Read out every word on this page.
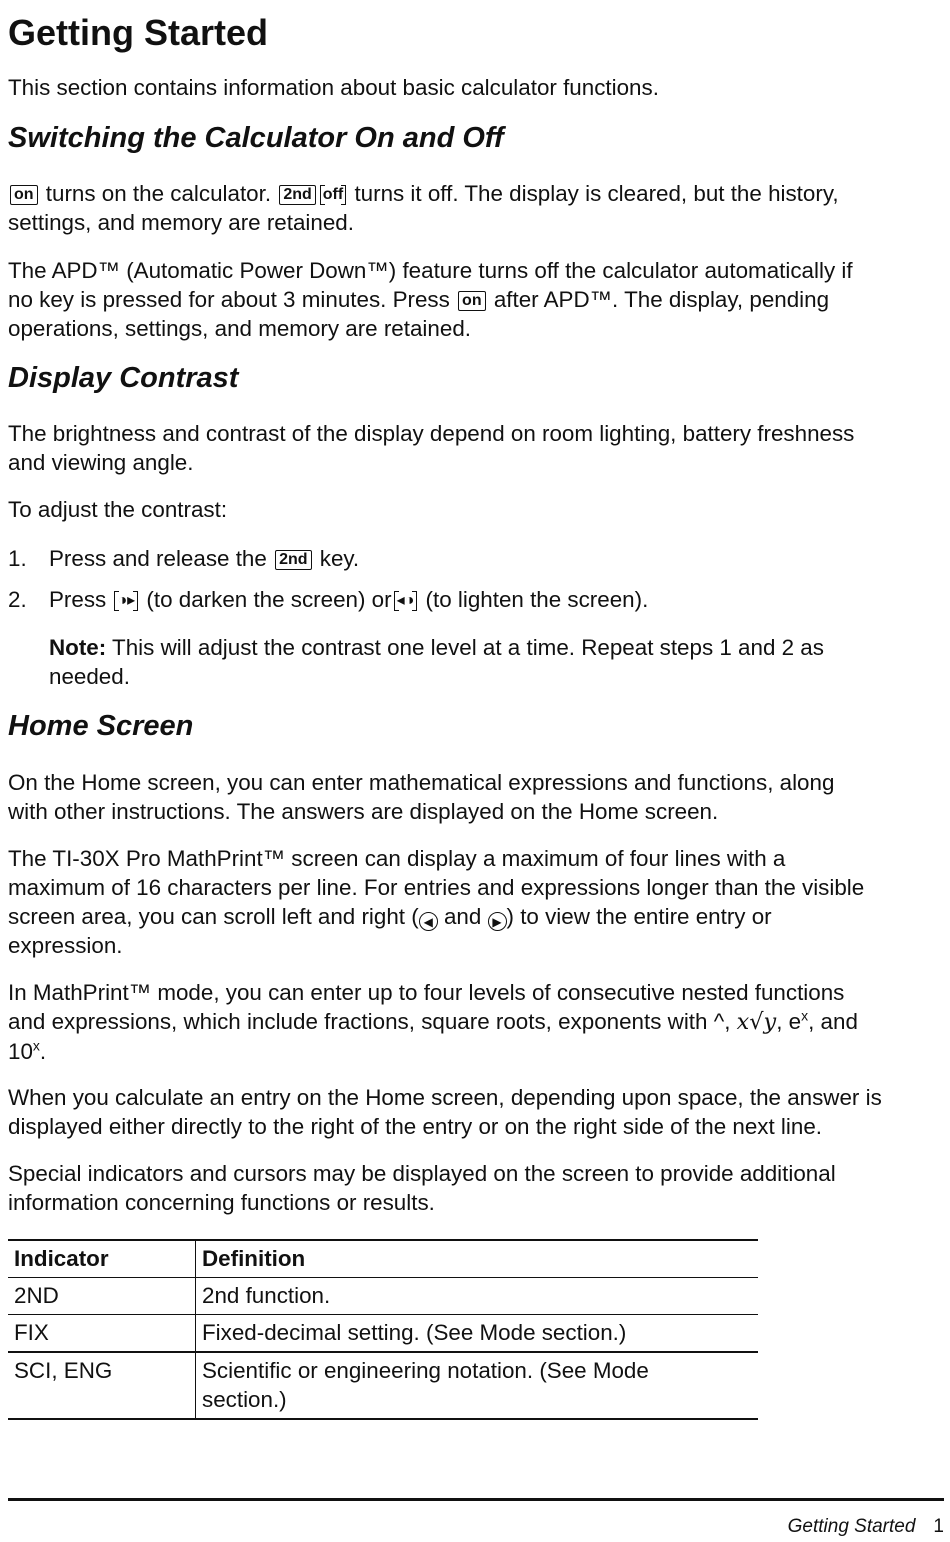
Getting Started

This section contains information about basic calculator functions.

Switching the Calculator On and Off

on turns on the calculator. 2nd off turns it off. The display is cleared, but the history,
settings, and memory are retained.

The APD™ (Automatic Power Down™) feature turns off the calculator automatically if
no key is pressed for about 3 minutes. Press on after APD™. The display, pending
operations, settings, and memory are retained.

Display Contrast

The brightness and contrast of the display depend on room lighting, battery freshness
and viewing angle.

To adjust the contrast:

1. Press and release the 2nd key.
2. Press ◑▸ (to darken the screen) or ◂◑ (to lighten the screen).
Note: This will adjust the contrast one level at a time. Repeat steps 1 and 2 as
needed.
Home Screen

On the Home screen, you can enter mathematical expressions and functions, along
with other instructions. The answers are displayed on the Home screen.

The TI-30X Pro MathPrint™ screen can display a maximum of four lines with a
maximum of 16 characters per line. For entries and expressions longer than the visible
screen area, you can scroll left and right ( ◀ and ▶ ) to view the entire entry or
expression.

In MathPrint™ mode, you can enter up to four levels of consecutive nested functions
and expressions, which include fractions, square roots, exponents with ^, x√y, $e^x$, and
10$^x$.

When you calculate an entry on the Home screen, depending upon space, the answer is
displayed either directly to the right of the entry or on the right side of the next line.

Special indicators and cursors may be displayed on the screen to provide additional
information concerning functions or results.

Indicator	Definition
2ND	2nd function.
FIX	Fixed-decimal setting. (See Mode section.)
SCI, ENG	Scientific or engineering notation. (See Mode
section.)
Getting Started 1
